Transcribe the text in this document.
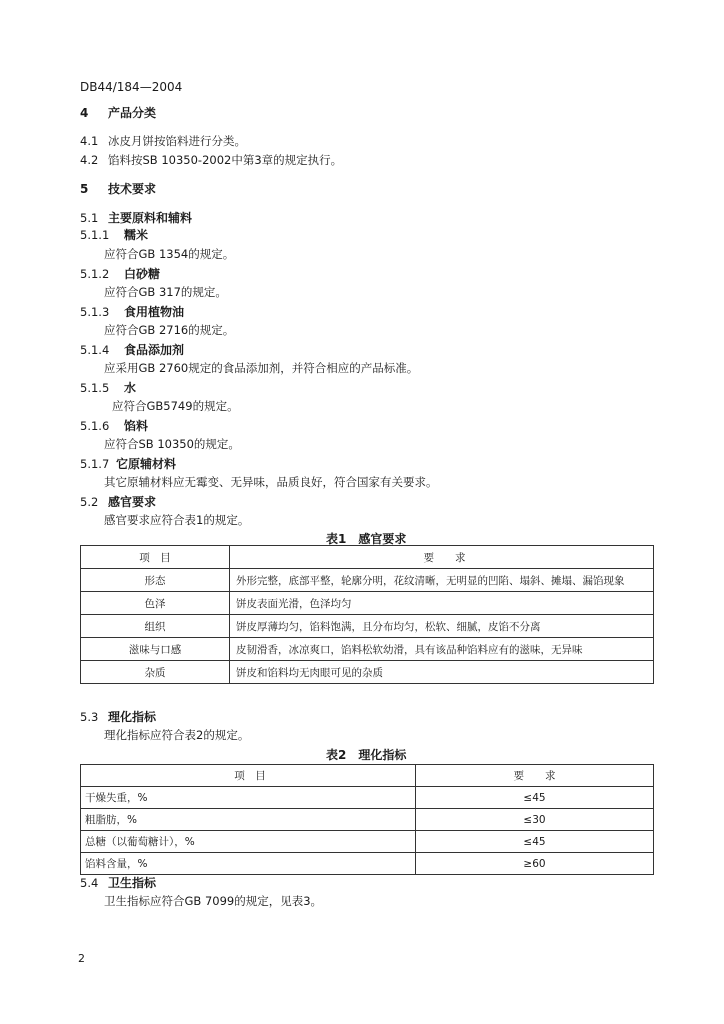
DB44/184—2004
4 产品分类
4.1 冰皮月饼按馅料进行分类。
4.2 馅料按SB 10350-2002中第3章的规定执行。
5 技术要求
5.1 主要原料和辅料
5.1.1 糯米
应符合GB 1354的规定。
5.1.2 白砂糖
应符合GB 317的规定。
5.1.3 食用植物油
应符合GB 2716的规定。
5.1.4 食品添加剂
应采用GB 2760规定的食品添加剂，并符合相应的产品标准。
5.1.5 水
应符合GB5749的规定。
5.1.6 馅料
应符合SB 10350的规定。
5.1.7 它原辅材料
其它原辅材料应无霉变、无异味，品质良好，符合国家有关要求。
5.2 感官要求
感官要求应符合表1的规定。
表1　感官要求
项　目	要　　求
形态	外形完整，底部平整，轮廓分明，花纹清晰，无明显的凹陷、塌斜、摊塌、漏馅现象
色泽	饼皮表面光滑，色泽均匀
组织	饼皮厚薄均匀，馅料饱满，且分布均匀，松软、细腻，皮馅不分离
滋味与口感	皮韧滑香，冰凉爽口，馅料松软幼滑，具有该品种馅料应有的滋味，无异味
杂质	饼皮和馅料均无肉眼可见的杂质
5.3 理化指标
理化指标应符合表2的规定。
表2　理化指标
项　目	要　　求
干燥失重，%	≤45
粗脂肪，%	≤30
总糖（以葡萄糖计），%	≤45
馅料含量，%	≥60
5.4 卫生指标
卫生指标应符合GB 7099的规定，见表3。
2
